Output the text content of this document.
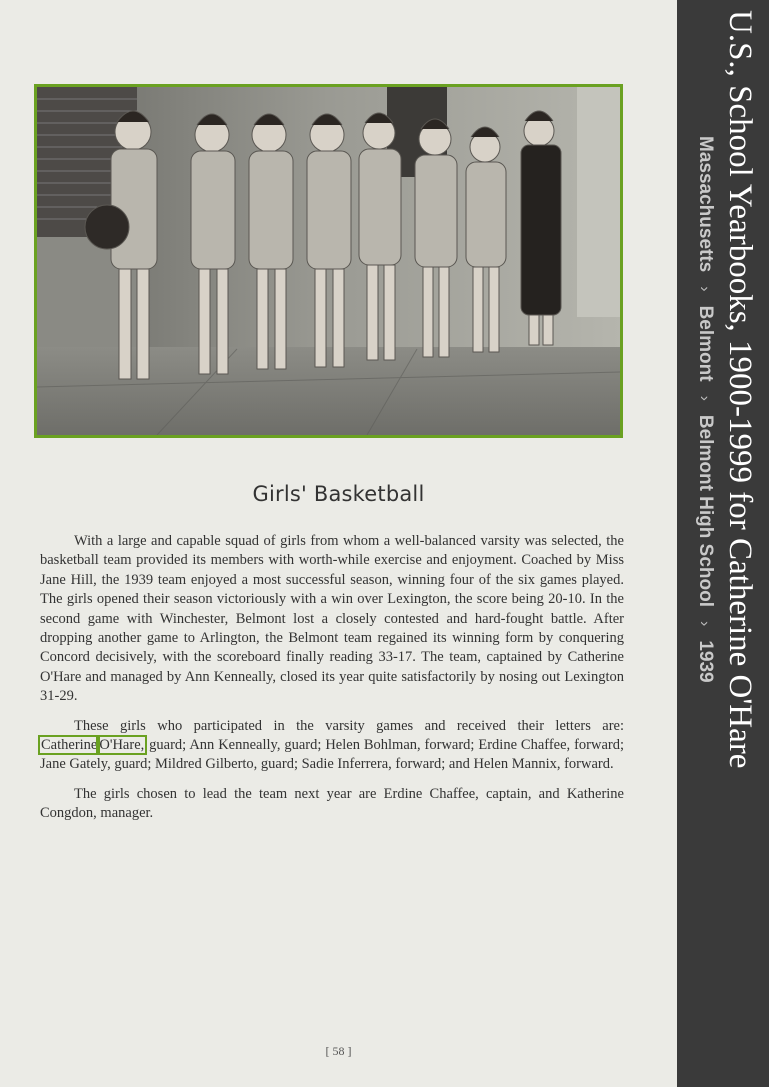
Girls' Basketball

With a large and capable squad of girls from whom a well-balanced varsity was selected, the basketball team provided its members with worth-while exercise and enjoyment. Coached by Miss Jane Hill, the 1939 team enjoyed a most successful season, winning four of the six games played. The girls opened their season victoriously with a win over Lexington, the score being 20-10. In the second game with Winchester, Belmont lost a closely contested and hard-fought battle. After dropping another game to Arlington, the Belmont team regained its winning form by conquering Concord decisively, with the scoreboard finally reading 33-17. The team, captained by Catherine O'Hare and managed by Ann Kenneally, closed its year quite satisfactorily by nosing out Lexington 31-29.

These girls who participated in the varsity games and received their letters are: Catherine O'Hare, guard; Ann Kenneally, guard; Helen Bohlman, forward; Erdine Chaffee, forward; Jane Gately, guard; Mildred Gilberto, guard; Sadie Inferrera, forward; and Helen Mannix, forward.

The girls chosen to lead the team next year are Erdine Chaffee, captain, and Katherine Congdon, manager.

[ 58 ]
U.S., School Yearbooks, 1900-1999 for Catherine O'Hare
Massachusetts›Belmont›Belmont High School›1939
